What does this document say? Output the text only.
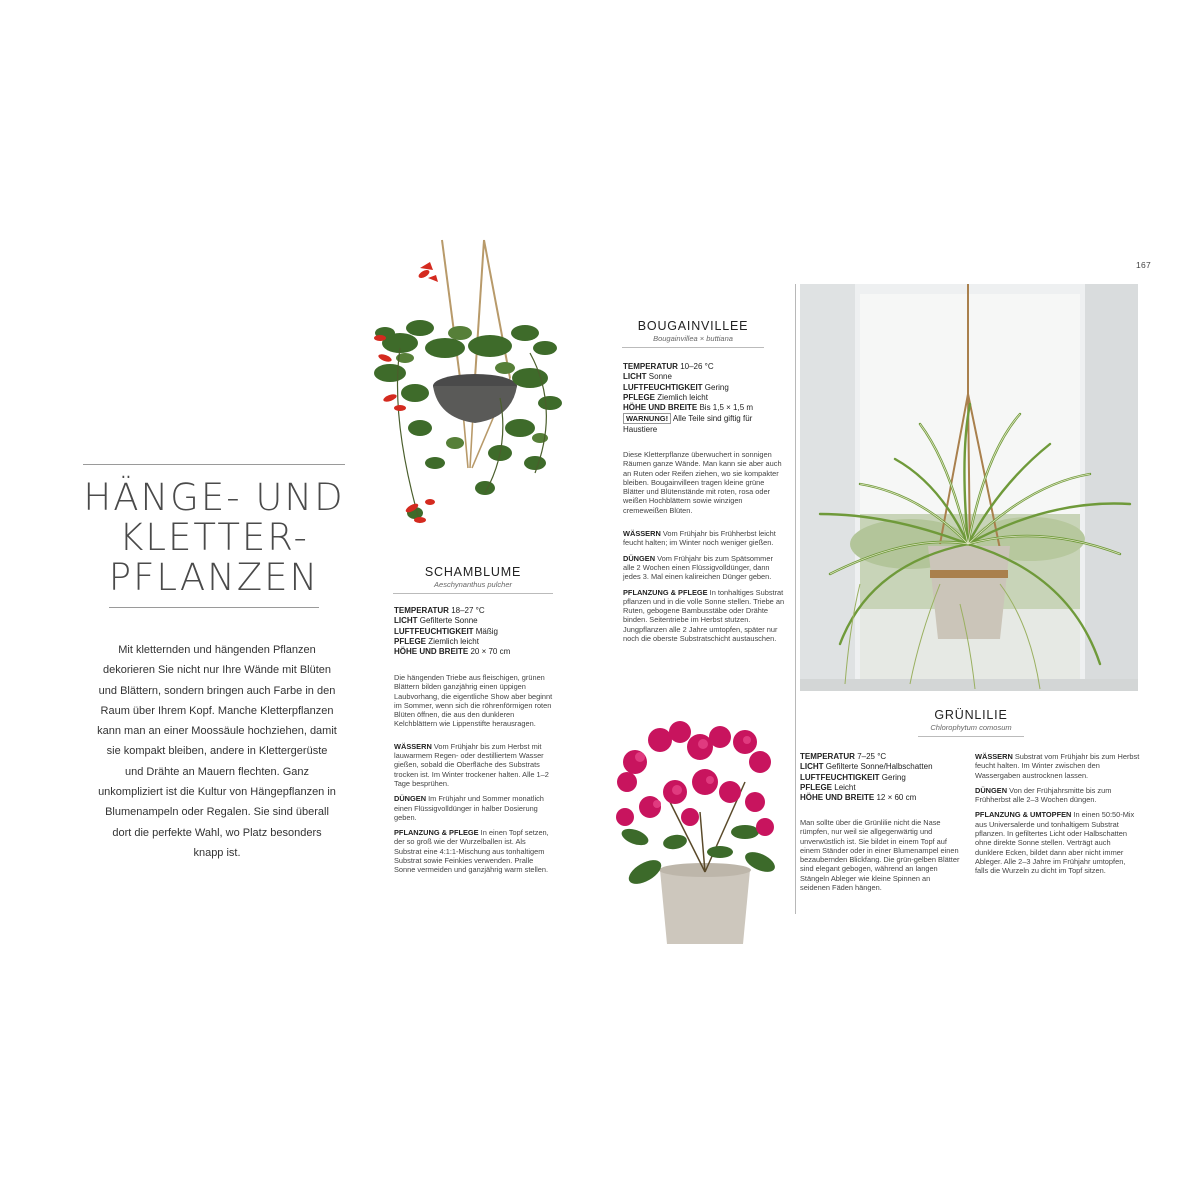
167
HÄNGE- UND
KLETTER-
PFLANZEN
Mit kletternden und hängenden Pflanzen dekorieren Sie nicht nur Ihre Wände mit Blüten und Blättern, sondern bringen auch Farbe in den Raum über Ihrem Kopf. Manche Kletterpflanzen kann man an einer Moossäule hochziehen, damit sie kompakt bleiben, andere in Klettergerüste und Drähte an Mauern flechten. Ganz unkompliziert ist die Kultur von Hängepflanzen in Blumenampeln oder Regalen. Sie sind überall dort die perfekte Wahl, wo Platz besonders knapp ist.
SCHAMBLUME
Aeschynanthus pulcher
TEMPERATUR 18–27 °C
LICHT Gefilterte Sonne
LUFTFEUCHTIGKEIT Mäßig
PFLEGE Ziemlich leicht
HÖHE UND BREITE 20 × 70 cm

Die hängenden Triebe aus fleischigen, grünen Blättern bilden ganzjährig einen üppigen Laubvorhang, die eigentliche Show aber beginnt im Sommer, wenn sich die röhrenförmigen roten Blüten öffnen, die aus den dunkleren Kelchblättern wie Lippenstifte herausragen.

WÄSSERN Vom Frühjahr bis zum Herbst mit lauwarmem Regen- oder destilliertem Wasser gießen, sobald die Oberfläche des Substrats trocken ist. Im Winter trockener halten. Alle 1–2 Tage besprühen.

DÜNGEN Im Frühjahr und Sommer monatlich einen Flüssigvolldünger in halber Dosierung geben.

PFLANZUNG & PFLEGE In einen Topf setzen, der so groß wie der Wurzelballen ist. Als Substrat eine 4:1:1-Mischung aus tonhaltigem Substrat sowie Feinkies verwenden. Pralle Sonne vermeiden und ganzjährig warm stellen.

BOUGAINVILLEE
Bougainvillea × buttiana
TEMPERATUR 10–26 °C
LICHT Sonne
LUFTFEUCHTIGKEIT Gering
PFLEGE Ziemlich leicht
HÖHE UND BREITE Bis 1,5 × 1,5 m
WARNUNG! Alle Teile sind giftig für Haustiere

Diese Kletterpflanze überwuchert in sonnigen Räumen ganze Wände. Man kann sie aber auch an Ruten oder Reifen ziehen, wo sie kompakter bleiben. Bougainvilleen tragen kleine grüne Blätter und Blütenstände mit roten, rosa oder weißen Hochblättern sowie winzigen cremeweißen Blüten.

WÄSSERN Vom Frühjahr bis Frühherbst leicht feucht halten; im Winter noch weniger gießen.

DÜNGEN Vom Frühjahr bis zum Spätsommer alle 2 Wochen einen Flüssigvolldünger, dann jedes 3. Mal einen kalireichen Dünger geben.

PFLANZUNG & PFLEGE In tonhaltiges Substrat pflanzen und in die volle Sonne stellen. Triebe an Ruten, gebogene Bambusstäbe oder Drähte binden. Seitentriebe im Herbst stutzen. Jungpflanzen alle 2 Jahre umtopfen, später nur noch die oberste Substratschicht austauschen.

GRÜNLILIE
Chlorophytum comosum
TEMPERATUR 7–25 °C
LICHT Gefilterte Sonne/Halbschatten
LUFTFEUCHTIGKEIT Gering
PFLEGE Leicht
HÖHE UND BREITE 12 × 60 cm
Man sollte über die Grünlilie nicht die Nase rümpfen, nur weil sie allgegenwärtig und unverwüstlich ist. Sie bildet in einem Topf auf einem Ständer oder in einer Blumenampel einen bezaubernden Blickfang. Die grün-gelben Blätter sind elegant gebogen, während an langen Stängeln Ableger wie kleine Spinnen an seidenen Fäden hängen.

WÄSSERN Substrat vom Frühjahr bis zum Herbst feucht halten. Im Winter zwischen den Wassergaben austrocknen lassen.

DÜNGEN Von der Frühjahrsmitte bis zum Frühherbst alle 2–3 Wochen düngen.

PFLANZUNG & UMTOPFEN In einen 50:50-Mix aus Universalerde und tonhaltigem Substrat pflanzen. In gefiltertes Licht oder Halbschatten ohne direkte Sonne stellen. Verträgt auch dunklere Ecken, bildet dann aber nicht immer Ableger. Alle 2–3 Jahre im Frühjahr umtopfen, falls die Wurzeln zu dicht im Topf sitzen.
